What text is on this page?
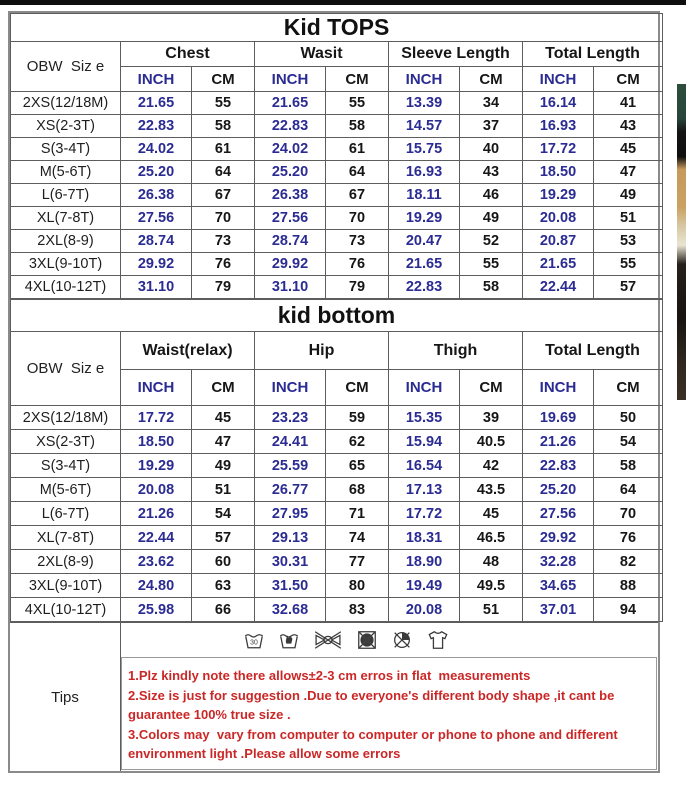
Kid TOPS								
OBW  Siz e	Chest		Wasit		Sleeve Length		Total Length	
	INCH	CM	INCH	CM	INCH	CM	INCH	CM
2XS(12/18M)	21.65	55	21.65	55	13.39	34	16.14	41
XS(2-3T)	22.83	58	22.83	58	14.57	37	16.93	43
S(3-4T)	24.02	61	24.02	61	15.75	40	17.72	45
M(5-6T)	25.20	64	25.20	64	16.93	43	18.50	47
L(6-7T)	26.38	67	26.38	67	18.11	46	19.29	49
XL(7-8T)	27.56	70	27.56	70	19.29	49	20.08	51
2XL(8-9)	28.74	73	28.74	73	20.47	52	20.87	53
3XL(9-10T)	29.92	76	29.92	76	21.65	55	21.65	55
4XL(10-12T)	31.10	79	31.10	79	22.83	58	22.44	57
kid bottom								
OBW  Siz e	Waist(relax)		Hip		Thigh		Total Length	
	INCH	CM	INCH	CM	INCH	CM	INCH	CM
2XS(12/18M)	17.72	45	23.23	59	15.35	39	19.69	50
XS(2-3T)	18.50	47	24.41	62	15.94	40.5	21.26	54
S(3-4T)	19.29	49	25.59	65	16.54	42	22.83	58
M(5-6T)	20.08	51	26.77	68	17.13	43.5	25.20	64
L(6-7T)	21.26	54	27.95	71	17.72	45	27.56	70
XL(7-8T)	22.44	57	29.13	74	18.31	46.5	29.92	76
2XL(8-9)	23.62	60	30.31	77	18.90	48	32.28	82
3XL(9-10T)	24.80	63	31.50	80	19.49	49.5	34.65	88
4XL(10-12T)	25.98	66	32.68	83	20.08	51	37.01	94
Tips
30

1.Plz kindly note there allows±2-3 cm erros in flat  measurements

2.Size is just for suggestion .Due to everyone's different body shape ,it cant be guarantee 100% true size .

3.Colors may  vary from computer to computer or phone to phone and different environment light .Please allow some errors
